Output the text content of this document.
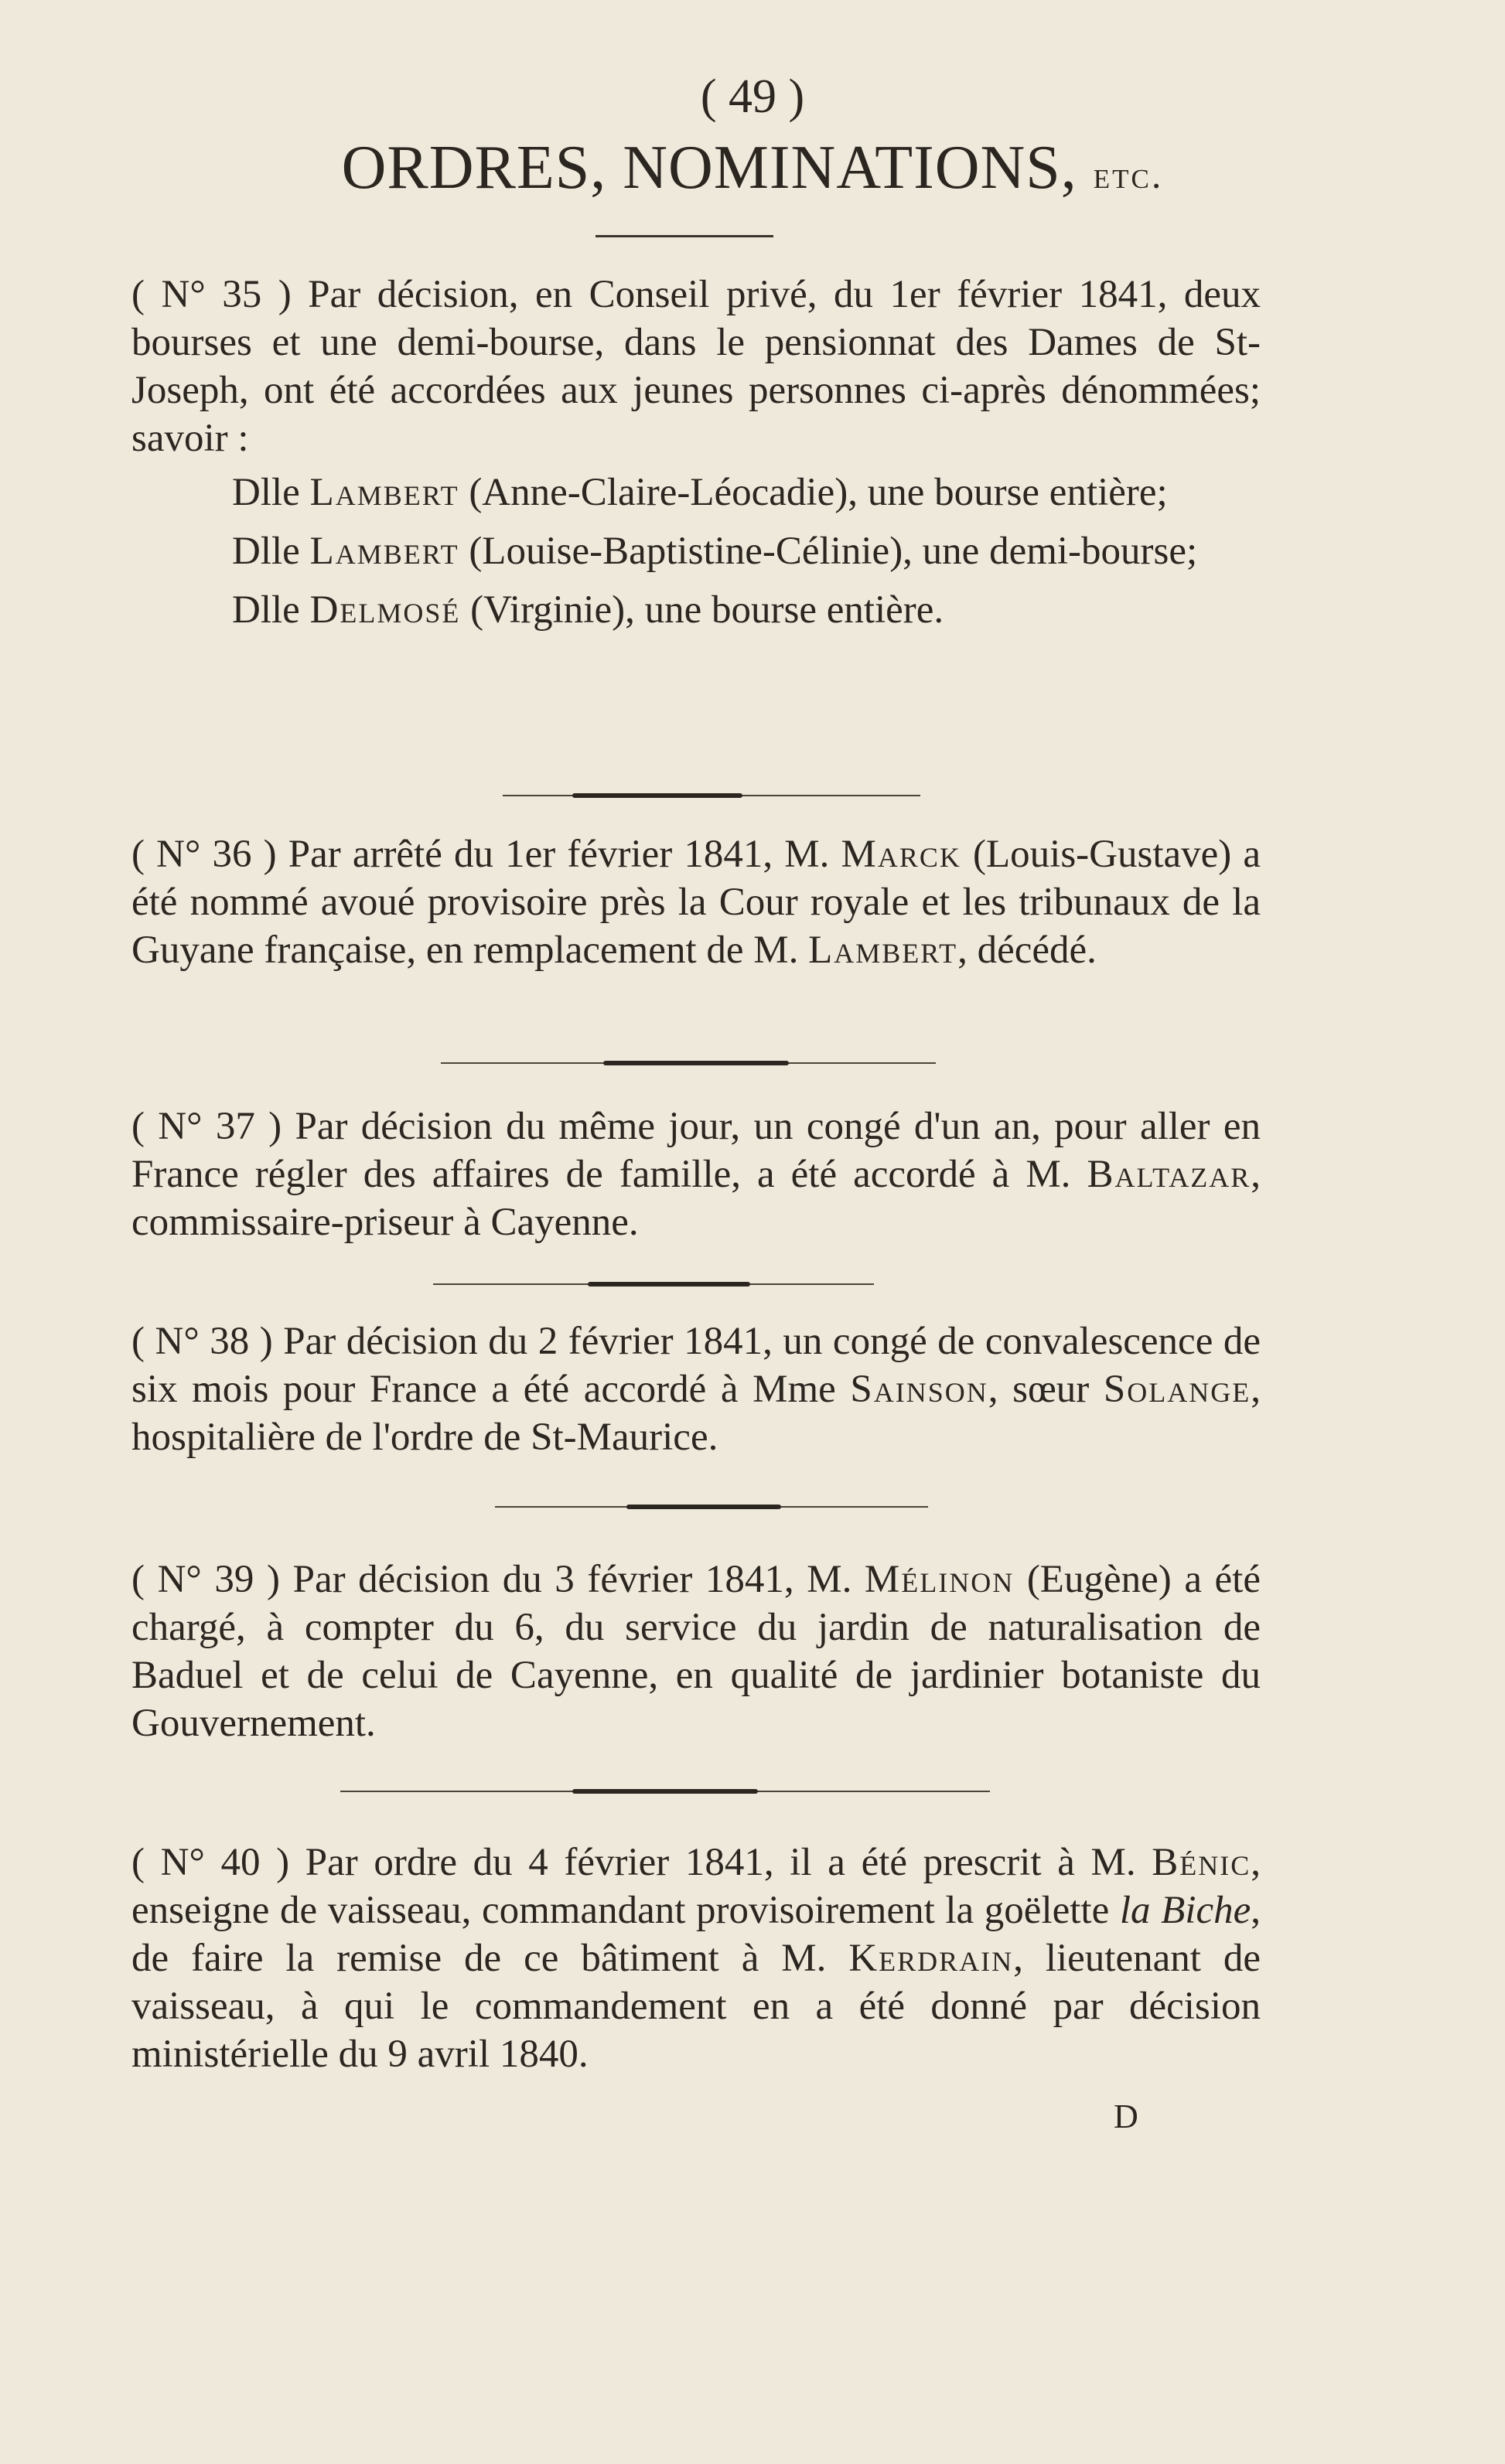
( 49 )
ORDRES, NOMINATIONS, etc.

( N° 35 ) Par décision, en Conseil privé, du 1er février 1841, deux bourses et une demi-bourse, dans le pensionnat des Dames de St-Joseph, ont été accordées aux jeunes personnes ci-après dénommées; savoir :

Dlle Lambert (Anne-Claire-Léocadie), une bourse entière;

Dlle Lambert (Louise-Baptistine-Célinie), une demi-bourse;

Dlle Delmosé (Virginie), une bourse entière.

( N° 36 ) Par arrêté du 1er février 1841, M. Marck (Louis-Gustave) a été nommé avoué provisoire près la Cour royale et les tribunaux de la Guyane française, en remplacement de M. Lambert, décédé.

( N° 37 ) Par décision du même jour, un congé d'un an, pour aller en France régler des affaires de famille, a été accordé à M. Baltazar, commissaire-priseur à Cayenne.

( N° 38 ) Par décision du 2 février 1841, un congé de convalescence de six mois pour France a été accordé à Mme Sainson, sœur Solange, hospitalière de l'ordre de St-Maurice.

( N° 39 ) Par décision du 3 février 1841, M. Mélinon (Eugène) a été chargé, à compter du 6, du service du jardin de naturalisation de Baduel et de celui de Cayenne, en qualité de jardinier botaniste du Gouvernement.

( N° 40 ) Par ordre du 4 février 1841, il a été prescrit à M. Bénic, enseigne de vaisseau, commandant provisoirement la goëlette la Biche, de faire la remise de ce bâtiment à M. Kerdrain, lieutenant de vaisseau, à qui le commandement en a été donné par décision ministérielle du 9 avril 1840.

D
